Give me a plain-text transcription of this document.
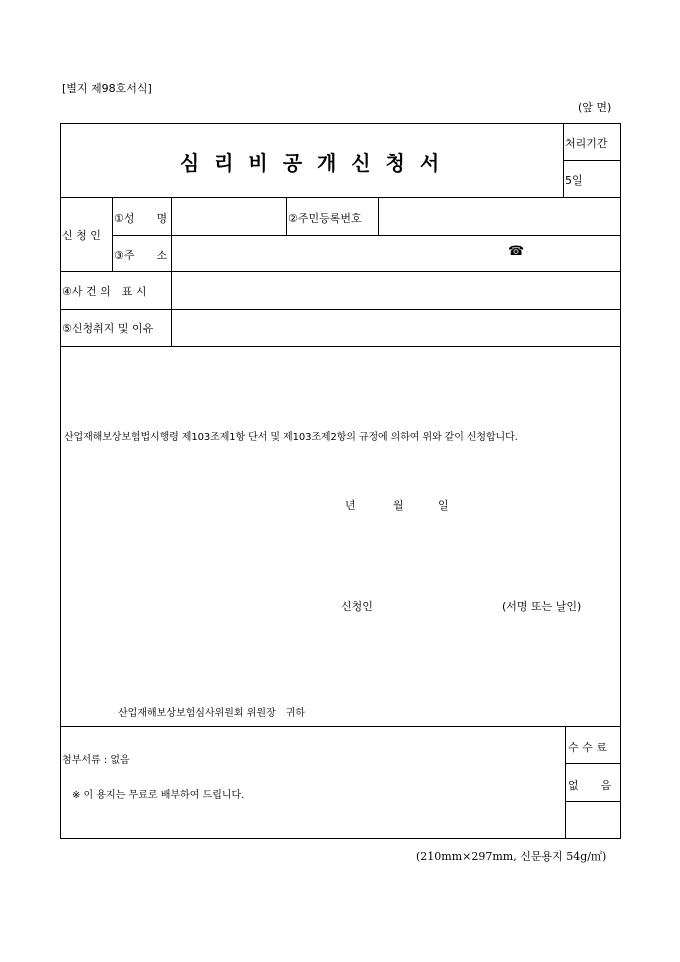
[별지 제98호서식]
(앞 면)
심 리 비 공 개 신 청 서
처리기간
5일
신 청 인
①성　　명	②주민등록번호
③주　　소	☎
④사 건 의　표 시
⑤신청취지 및 이유
산업재해보상보험법시행령 제103조제1항 단서 및 제103조제2항의 규정에 의하여 위와 같이 신청합니다.
년	월	일
신청인	(서명 또는 날인)
산업재해보상보험심사위원회 위원장　귀하
첨부서류 : 없음
※ 이 용지는 무료로 배부하여 드립니다.
수 수 료
없　　음
(210mm×297mm, 신문용지 54g/㎡)
